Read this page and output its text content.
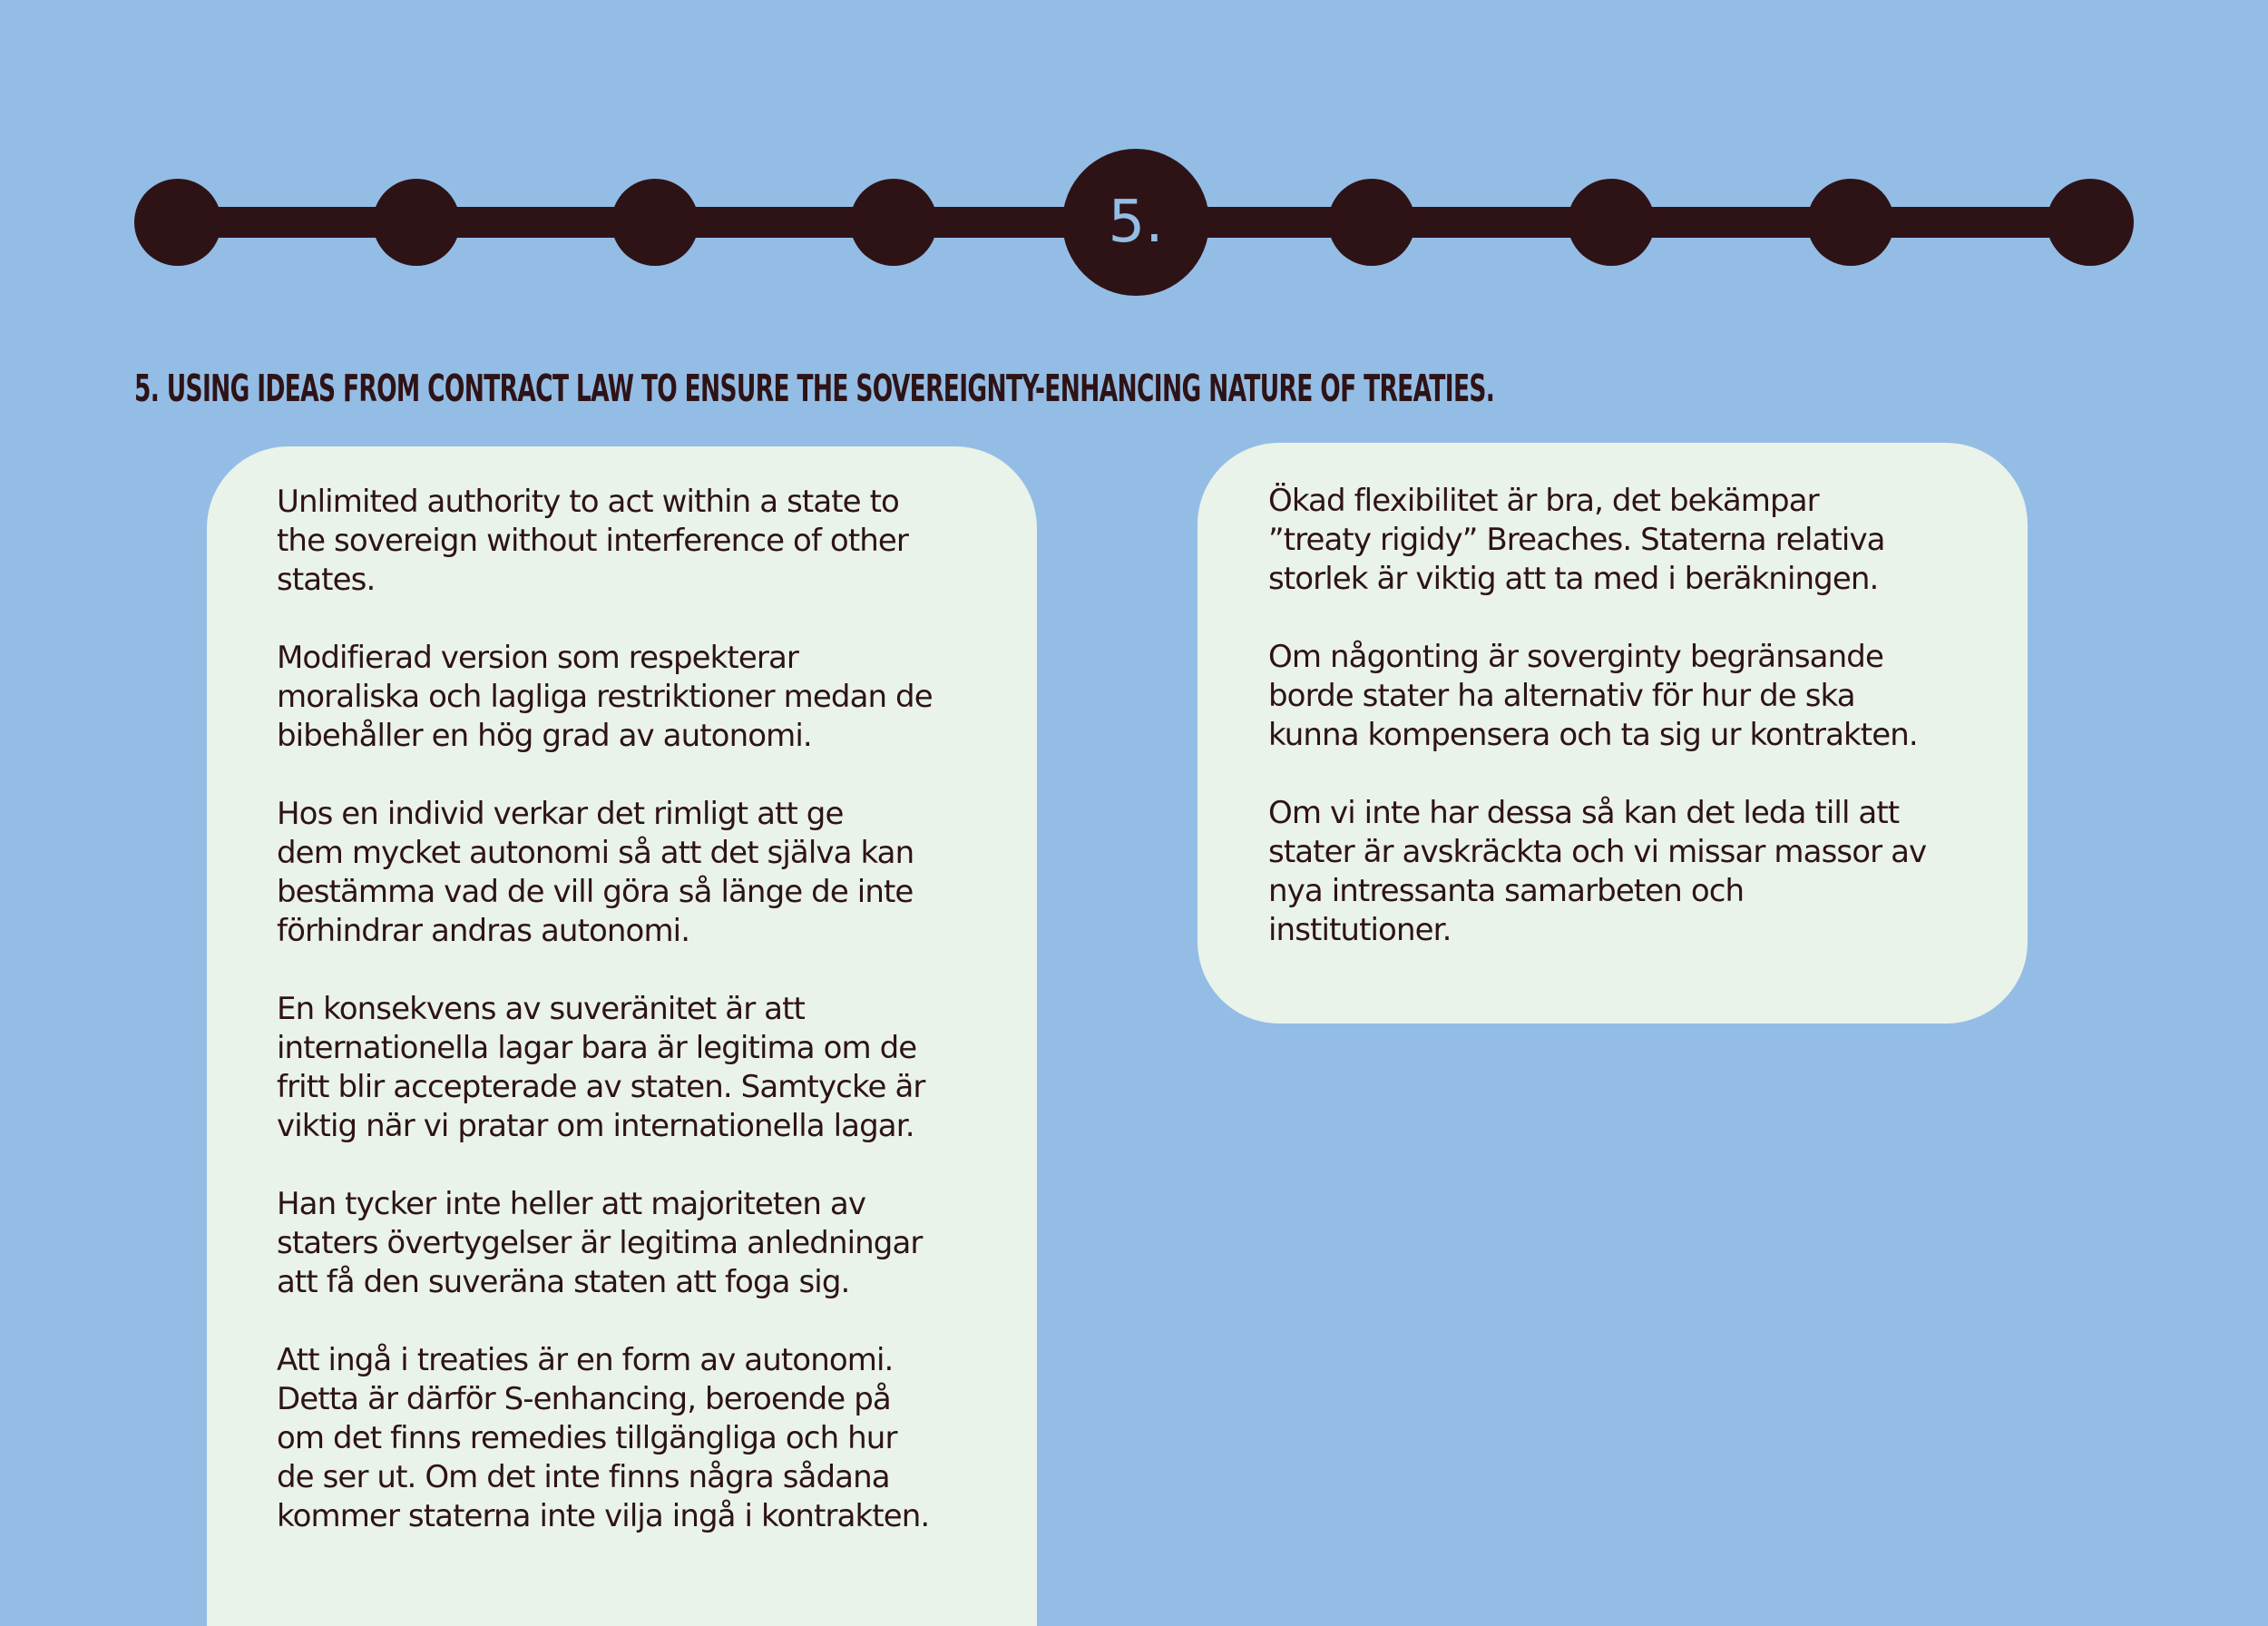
5.
5. USING IDEAS FROM CONTRACT LAW TO ENSURE THE SOVEREIGNTY-ENHANCING NATURE OF TREATIES.

Unlimited authority to act within a state to
the sovereign without interference of other
states.

Modifierad version som respekterar
moraliska och lagliga restriktioner medan de
bibehåller en hög grad av autonomi.

Hos en individ verkar det rimligt att ge
dem mycket autonomi så att det själva kan
bestämma vad de vill göra så länge de inte
förhindrar andras autonomi.

En konsekvens av suveränitet är att
internationella lagar bara är legitima om de
fritt blir accepterade av staten. Samtycke är
viktig när vi pratar om internationella lagar.

Han tycker inte heller att majoriteten av
staters övertygelser är legitima anledningar
att få den suveräna staten att foga sig.

Att ingå i treaties är en form av autonomi.
Detta är därför S-enhancing, beroende på
om det finns remedies tillgängliga och hur
de ser ut. Om det inte finns några sådana
kommer staterna inte vilja ingå i kontrakten.

Ökad flexibilitet är bra, det bekämpar
”treaty rigidy” Breaches. Staterna relativa
storlek är viktig att ta med i beräkningen.

Om någonting är soverginty begränsande
borde stater ha alternativ för hur de ska
kunna kompensera och ta sig ur kontrakten.

Om vi inte har dessa så kan det leda till att
stater är avskräckta och vi missar massor av
nya intressanta samarbeten och
institutioner.
